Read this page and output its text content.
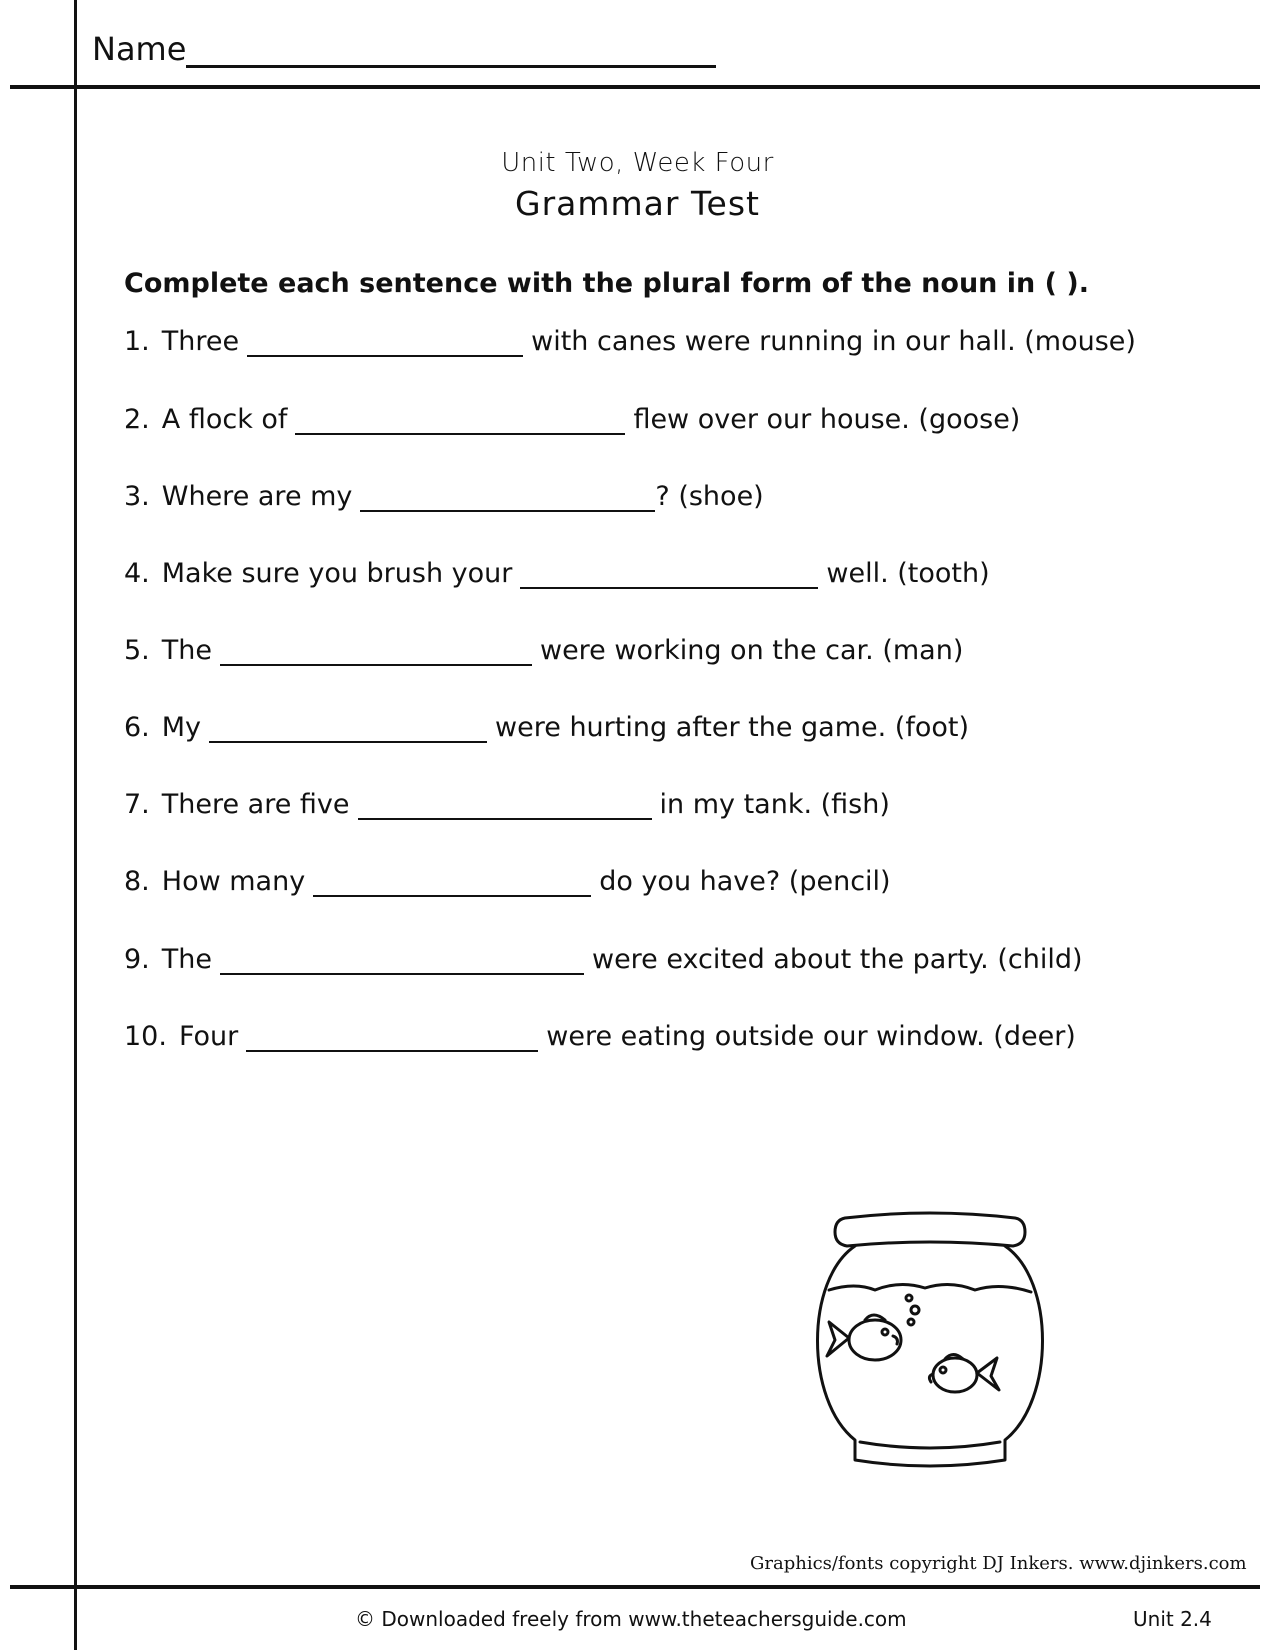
Name
Unit Two, Week Four
Grammar Test
Complete each sentence with the plural form of the noun in ( ).
1. Three	with canes were running in our hall. (mouse)
2. A flock of	flew over our house. (goose)
3. Where are my	? (shoe)
4. Make sure you brush your	well. (tooth)
5. The	were working on the car. (man)
6. My	were hurting after the game. (foot)
7. There are five	in my tank. (fish)
8. How many	do you have? (pencil)
9. The	were excited about the party. (child)
10. Four	were eating outside our window. (deer)
Graphics/fonts copyright DJ Inkers. www.djinkers.com
© Downloaded freely from www.theteachersguide.com	Unit 2.4
